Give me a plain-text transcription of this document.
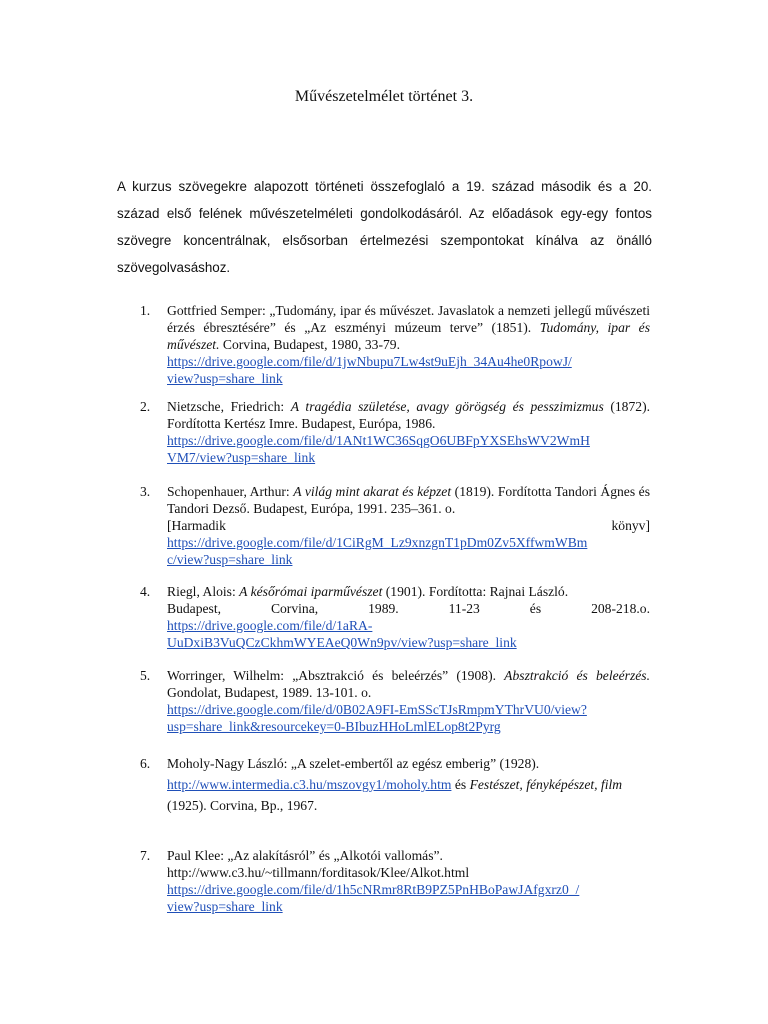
Művészetelmélet történet 3.
A kurzus szövegekre alapozott történeti összefoglaló a 19. század második és a 20. század első felének művészetelméleti gondolkodásáról. Az előadások egy-egy fontos szövegre koncentrálnak, elsősorban értelmezési szempontokat kínálva az önálló szövegolvasáshoz.
1.	Gottfried Semper: „Tudomány, ipar és művészet. Javaslatok a nemzeti jellegű művészeti érzés ébresztésére” és „Az eszményi múzeum terve” (1851). Tudomány, ipar és művészet. Corvina, Budapest, 1980, 33-79.
https://drive.google.com/file/d/1jwNbupu7Lw4st9uEjh_34Au4he0RpowJ/
view?usp=share_link
2.	Nietzsche, Friedrich: A tragédia születése, avagy görögség és pesszimizmus (1872). Fordította Kertész Imre. Budapest, Európa, 1986.
https://drive.google.com/file/d/1ANt1WC36SqgO6UBFpYXSEhsWV2WmH
VM7/view?usp=share_link
3.	Schopenhauer, Arthur: A világ mint akarat és képzet (1819). Fordította Tandori Ágnes és Tandori Dezső. Budapest, Európa, 1991. 235–361. o.
[Harmadik könyv]
https://drive.google.com/file/d/1CiRgM_Lz9xnzgnT1pDm0Zv5XffwmWBm
c/view?usp=share_link
4.	Riegl, Alois: A későrómai iparművészet (1901). Fordította: Rajnai László.
Budapest, Corvina, 1989. 11-23 és 208-218.o.
https://drive.google.com/file/d/1aRA-
UuDxiB3VuQCzCkhmWYEAeQ0Wn9pv/view?usp=share_link
5.	Worringer, Wilhelm: „Absztrakció és beleérzés” (1908). Absztrakció és beleérzés. Gondolat, Budapest, 1989. 13-101. o.
https://drive.google.com/file/d/0B02A9FI-EmSScTJsRmpmYThrVU0/view?
usp=share_link&resourcekey=0-BIbuzHHoLmlELop8t2Pyrg
6.	Moholy-Nagy László: „A szelet-embertől az egész emberig” (1928).
http://www.intermedia.c3.hu/mszovgy1/moholy.htm és Festészet, fényképészet, film (1925). Corvina, Bp., 1967.
7.	Paul Klee: „Az alakításról” és „Alkotói vallomás”.
http://www.c3.hu/~tillmann/forditasok/Klee/Alkot.html
https://drive.google.com/file/d/1h5cNRmr8RtB9PZ5PnHBoPawJAfgxrz0_/
view?usp=share_link
